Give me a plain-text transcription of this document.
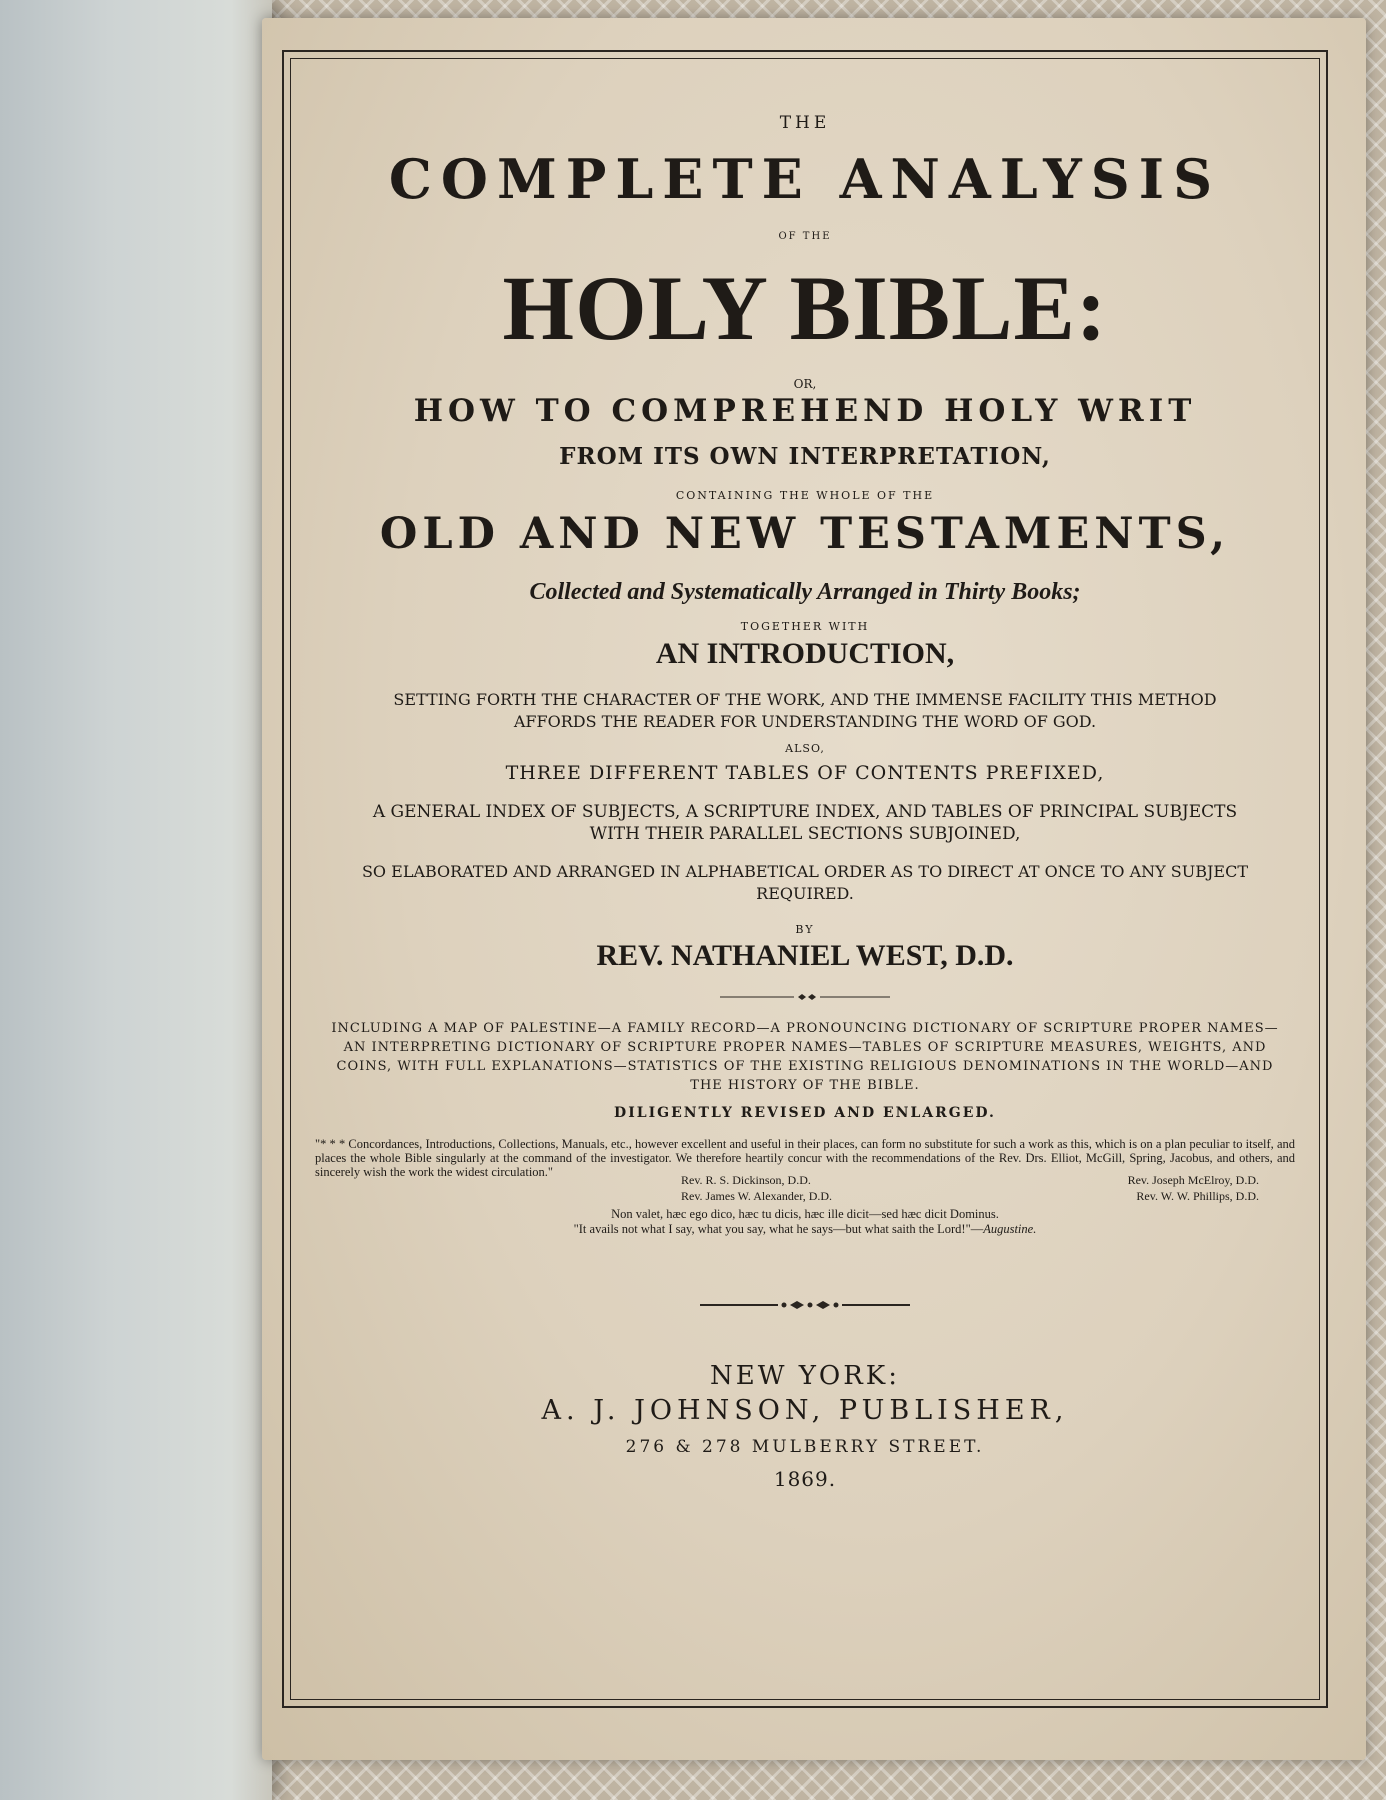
THE
COMPLETE ANALYSIS
OF THE
HOLY BIBLE:
OR,
HOW TO COMPREHEND HOLY WRIT
FROM ITS OWN INTERPRETATION,
CONTAINING THE WHOLE OF THE
OLD AND NEW TESTAMENTS,
Collected and Systematically Arranged in Thirty Books;
TOGETHER WITH
AN INTRODUCTION,
SETTING FORTH THE CHARACTER OF THE WORK, AND THE IMMENSE FACILITY THIS METHOD AFFORDS THE READER FOR UNDERSTANDING THE WORD OF GOD.
ALSO,
THREE DIFFERENT TABLES OF CONTENTS PREFIXED,
A GENERAL INDEX OF SUBJECTS, A SCRIPTURE INDEX, AND TABLES OF PRINCIPAL SUBJECTS WITH THEIR PARALLEL SECTIONS SUBJOINED,
SO ELABORATED AND ARRANGED IN ALPHABETICAL ORDER AS TO DIRECT AT ONCE TO ANY SUBJECT REQUIRED.
BY
REV. NATHANIEL WEST, D.D.
INCLUDING A MAP OF PALESTINE—A FAMILY RECORD—A PRONOUNCING DICTIONARY OF SCRIPTURE PROPER NAMES—AN INTERPRETING DICTIONARY OF SCRIPTURE PROPER NAMES—TABLES OF SCRIPTURE MEASURES, WEIGHTS, AND COINS, WITH FULL EXPLANATIONS—STATISTICS OF THE EXISTING RELIGIOUS DENOMINATIONS IN THE WORLD—AND THE HISTORY OF THE BIBLE.
DILIGENTLY REVISED AND ENLARGED.
"* * * Concordances, Introductions, Collections, Manuals, etc., however excellent and useful in their places, can form no substitute for such a work as this, which is on a plan peculiar to itself, and places the whole Bible singularly at the command of the investigator. We therefore heartily concur with the recommendations of the Rev. Drs. Elliot, McGill, Spring, Jacobus, and others, and sincerely wish the work the widest circulation."
Rev. R. S. Dickinson, D.D.	Rev. Joseph McElroy, D.D.
Rev. James W. Alexander, D.D.	Rev. W. W. Phillips, D.D.
Non valet, hæc ego dico, hæc tu dicis, hæc ille dicit—sed hæc dicit Dominus.
"It avails not what I say, what you say, what he says—but what saith the Lord!"—Augustine.
NEW YORK:
A. J. JOHNSON, PUBLISHER,
276 & 278 MULBERRY STREET.
1869.
